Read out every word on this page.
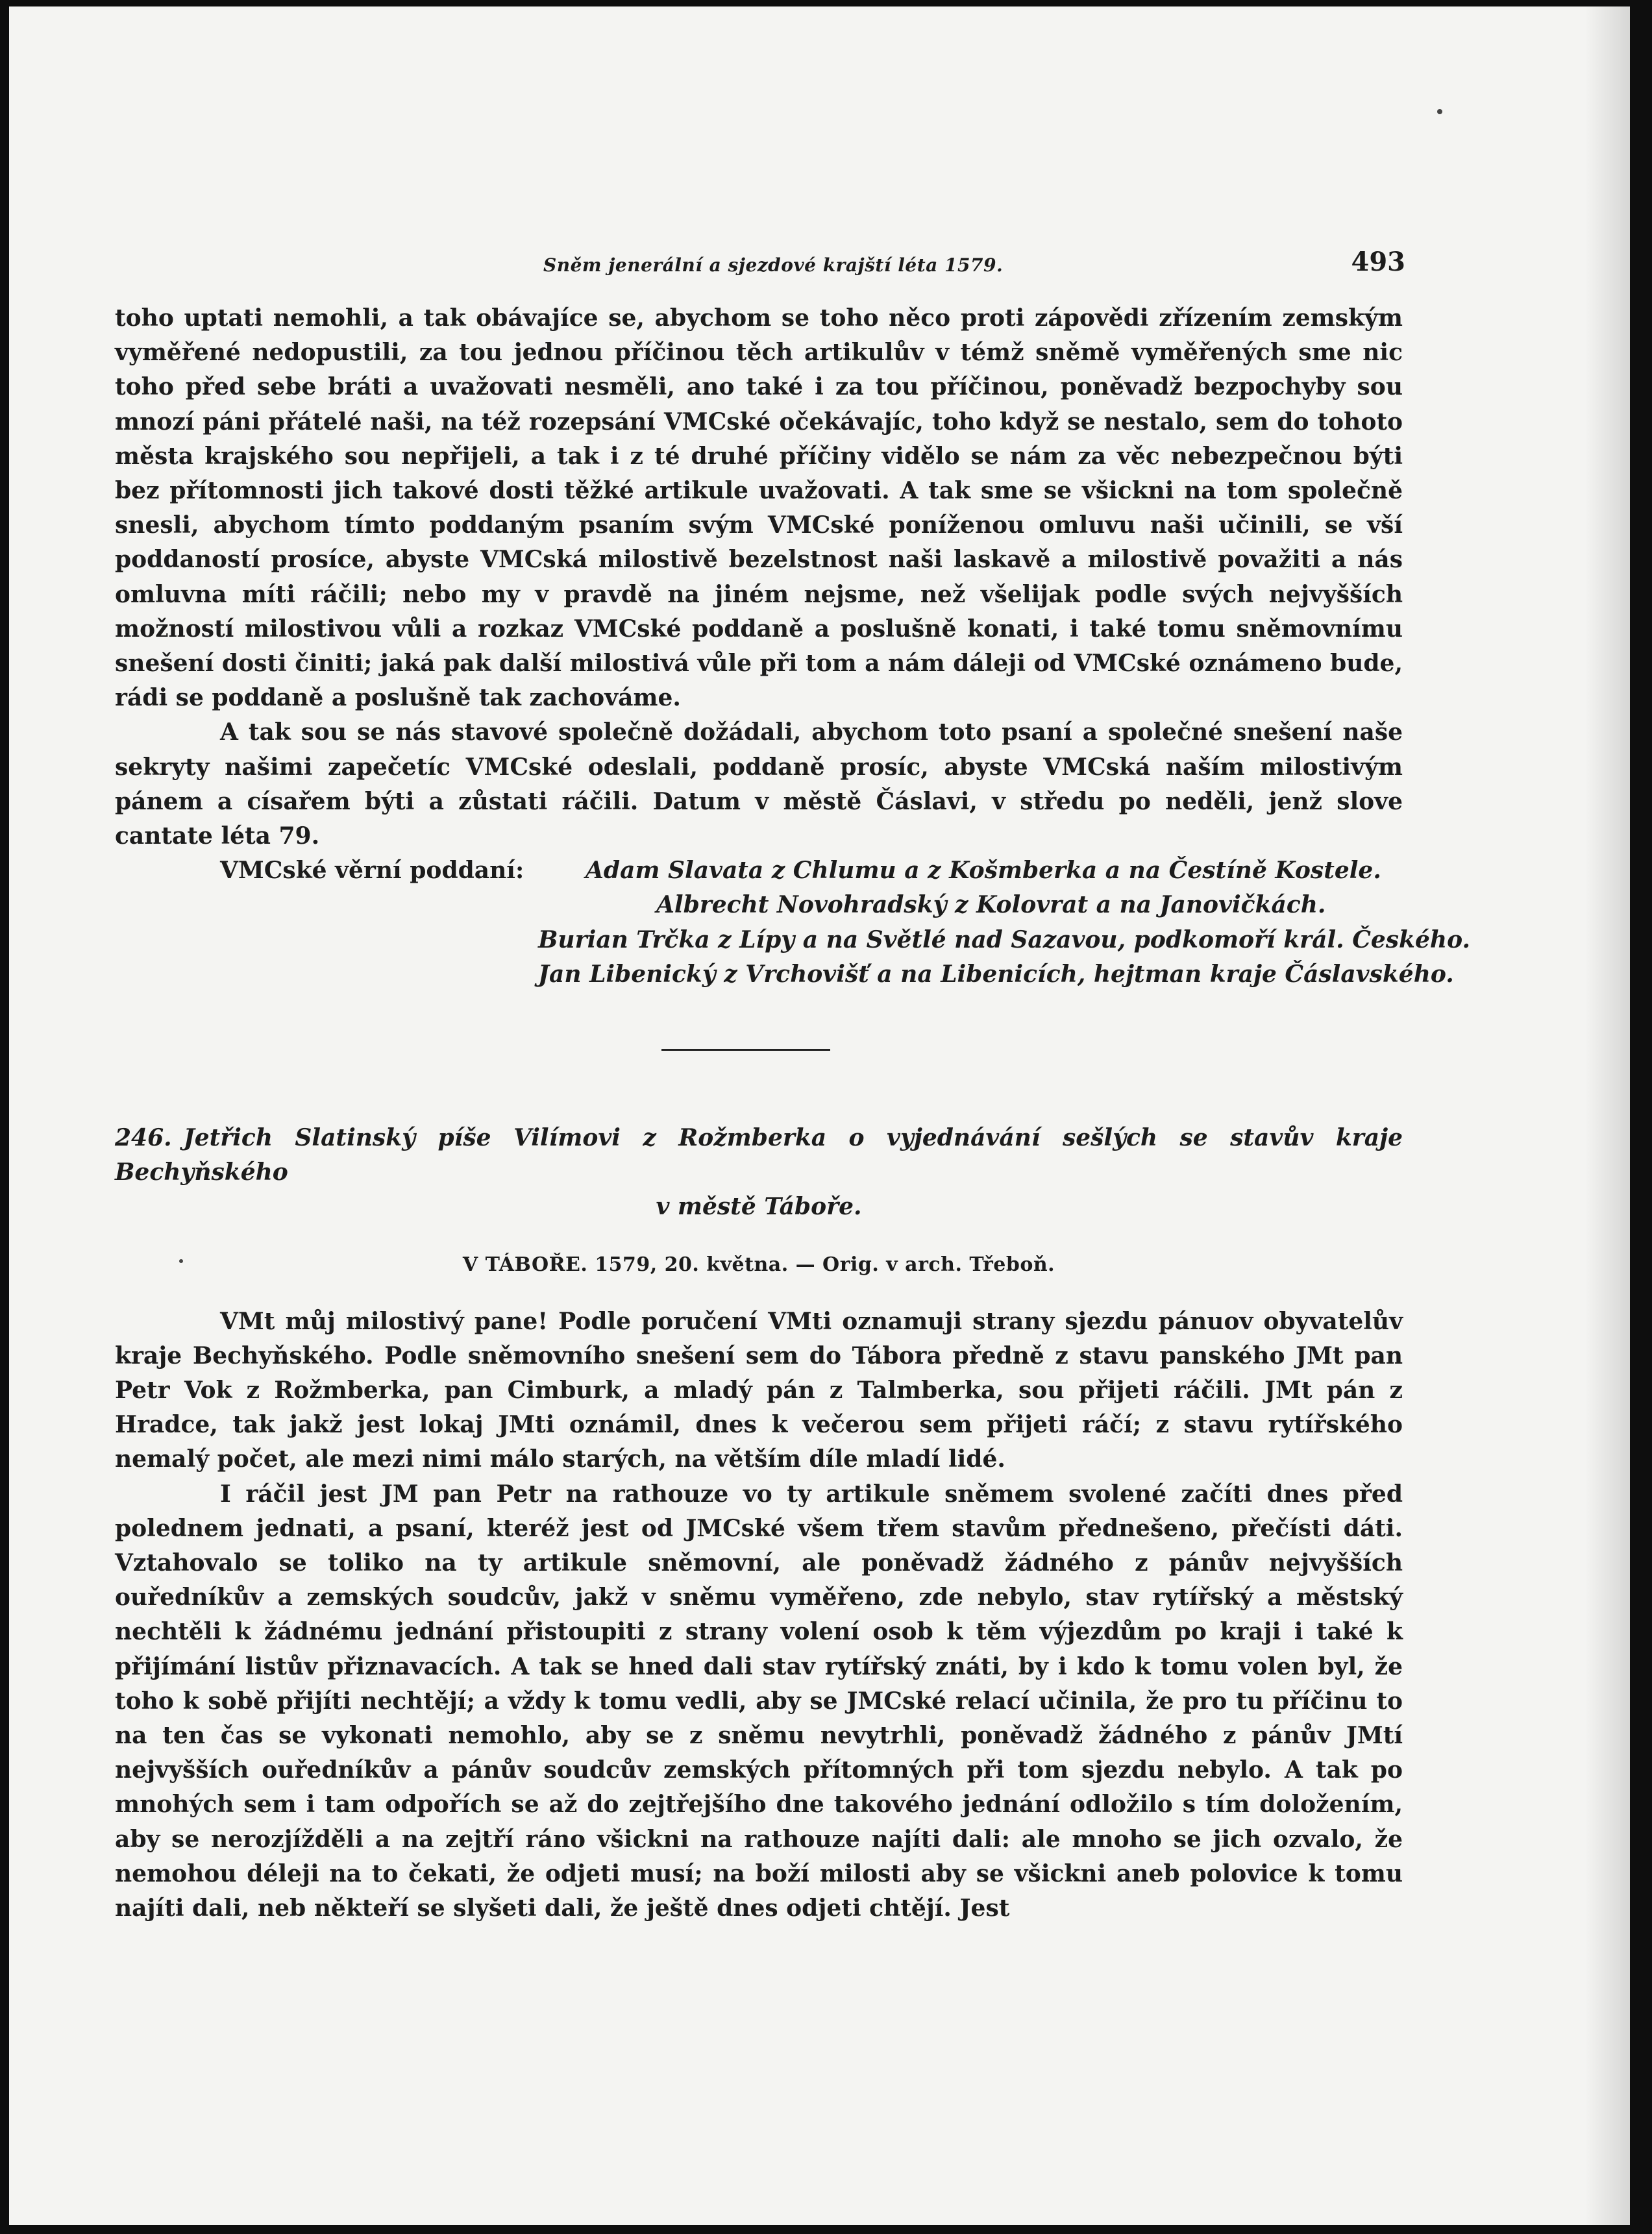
Sněm jenerální a sjezdové krajští léta 1579.	493

toho uptati nemohli, a tak obávajíce se, abychom se toho něco proti zápovědi zřízením zemským vyměřené nedopustili, za tou jednou příčinou těch artikulův v témž sněmě vyměřených sme nic toho před sebe bráti a uvažovati nesměli, ano také i za tou příčinou, poněvadž bezpochyby sou mnozí páni přátelé naši, na též rozepsání VMCské očekávajíc, toho když se nestalo, sem do tohoto města krajského sou nepřijeli, a tak i z té druhé příčiny vidělo se nám za věc nebezpečnou býti bez přítomnosti jich takové dosti těžké artikule uvažovati. A tak sme se všickni na tom společně snesli, abychom tímto poddaným psaním svým VMCské poníženou omluvu naši učinili, se vší poddaností prosíce, abyste VMCská milostivě bezelstnost naši laskavě a milostivě považiti a nás omluvna míti ráčili; nebo my v pravdě na jiném nejsme, než všelijak podle svých nejvyšších možností milostivou vůli a rozkaz VMCské poddaně a poslušně konati, i také tomu sněmovnímu snešení dosti činiti; jaká pak další milostivá vůle při tom a nám dáleji od VMCské oznámeno bude, rádi se poddaně a poslušně tak zachováme.

A tak sou se nás stavové společně dožádali, abychom toto psaní a společné snešení naše sekryty našimi zapečetíc VMCské odeslali, poddaně prosíc, abyste VMCská naším milostivým pánem a císařem býti a zůstati ráčili. Datum v městě Čáslavi, v středu po neděli, jenž slove cantate léta 79.

VMCské věrní poddaní:	Adam Slavata z Chlumu a z Košmberka a na Čestíně Kostele.
Albrecht Novohradský z Kolovrat a na Janovičkách.
Burian Trčka z Lípy a na Světlé nad Sazavou, podkomoří král. Českého.
Jan Libenický z Vrchovišť a na Libenicích, hejtman kraje Čáslavského.
246. Jetřich Slatinský píše Vilímovi z Rožmberka o vyjednávání sešlých se stavův kraje Bechyňského
v městě Táboře.
V TÁBOŘE. 1579, 20. května. — Orig. v arch. Třeboň.

VMt můj milostivý pane! Podle poručení VMti oznamuji strany sjezdu pánuov obyvatelův kraje Bechyňského. Podle sněmovního snešení sem do Tábora předně z stavu panského JMt pan Petr Vok z Rožmberka, pan Cimburk, a mladý pán z Talmberka, sou přijeti ráčili. JMt pán z Hradce, tak jakž jest lokaj JMti oznámil, dnes k večerou sem přijeti ráčí; z stavu rytířského nemalý počet, ale mezi nimi málo starých, na větším díle mladí lidé.

I ráčil jest JM pan Petr na rathouze vo ty artikule sněmem svolené začíti dnes před polednem jednati, a psaní, kteréž jest od JMCské všem třem stavům přednešeno, přečísti dáti. Vztahovalo se toliko na ty artikule sněmovní, ale poněvadž žádného z pánův nejvyšších ouředníkův a zemských soudcův, jakž v sněmu vyměřeno, zde nebylo, stav rytířský a městský nechtěli k žádnému jednání přistoupiti z strany volení osob k těm výjezdům po kraji i také k přijímání listův přiznavacích. A tak se hned dali stav rytířský znáti, by i kdo k tomu volen byl, že toho k sobě přijíti nechtějí; a vždy k tomu vedli, aby se JMCské relací učinila, že pro tu příčinu to na ten čas se vykonati nemohlo, aby se z sněmu nevytrhli, poněvadž žádného z pánův JMtí nejvyšších ouředníkův a pánův soudcův zemských přítomných při tom sjezdu nebylo. A tak po mnohých sem i tam odpořích se až do zejtřejšího dne takového jednání odložilo s tím doložením, aby se nerozjížděli a na zejtří ráno všickni na rathouze najíti dali: ale mnoho se jich ozvalo, že nemohou déleji na to čekati, že odjeti musí; na boží milosti aby se všickni aneb polovice k tomu najíti dali, neb někteří se slyšeti dali, že ještě dnes odjeti chtějí. Jest
